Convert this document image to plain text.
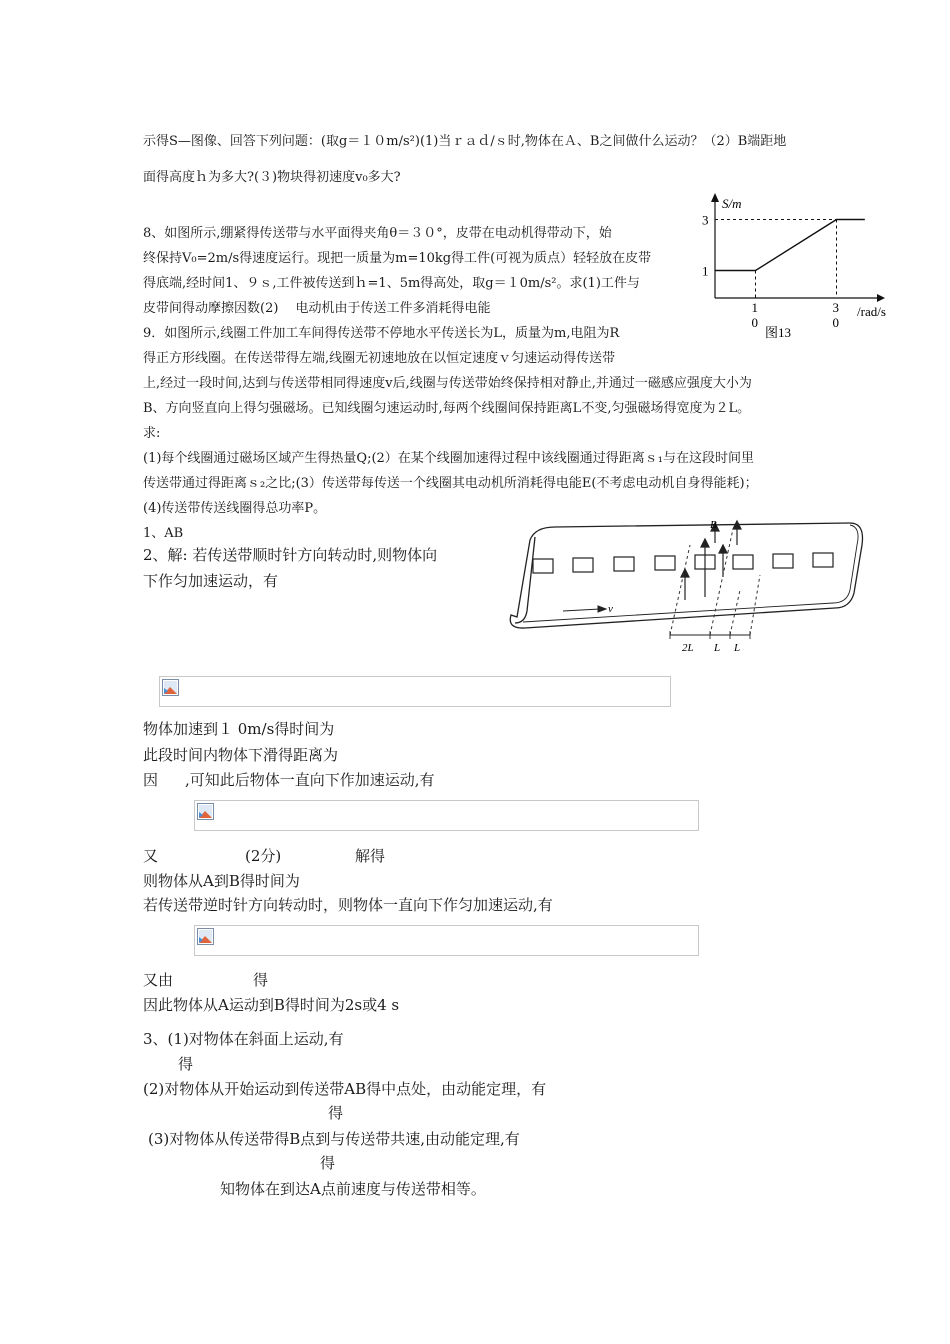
示得S—图像、回答下列问题：(取g＝１０m/s²)(1)当ｒａｄ/ｓ时,物体在Ａ、B之间做什么运动？（2）B端距地
面得高度ｈ为多大?(３)物块得初速度v₀多大?
8、如图所示,绷紧得传送带与水平面得夹角θ＝３０°，皮带在电动机得带动下，始
终保持V₀=2m/s得速度运行。现把一质量为m=10kg得工件(可视为质点）轻轻放在皮带
得底端,经时间1、９ｓ,工件被传送到ｈ=1、5m得高处，取g＝１0m/s²。求(1)工件与
皮带间得动摩擦因数(2)　 电动机由于传送工件多消耗得电能
9．如图所示,线圈工件加工车间得传送带不停地水平传送长为L，质量为m,电阻为R
得正方形线圈。在传送带得左端,线圈无初速地放在以恒定速度ｖ匀速运动得传送带
上,经过一段时间,达到与传送带相同得速度v后,线圈与传送带始终保持相对静止,并通过一磁感应强度大小为
B、方向竖直向上得匀强磁场。已知线圈匀速运动时,每两个线圈间保持距离L不变,匀强磁场得宽度为２L。
求:
(1)每个线圈通过磁场区域产生得热量Q;(2）在某个线圈加速得过程中该线圈通过得距离ｓ₁与在这段时间里
传送带通过得距离ｓ₂之比;(3）传送带每传送一个线圈其电动机所消耗得电能E(不考虑电动机自身得能耗)；
(4)传送带传送线圈得总功率P。
1、AB
S/m
/rad/s
图13
1
3
1
0
3
0
v
B
2L L L
2、解: 若传送带顺时针方向转动时,则物体向
下作匀加速运动，有
物体加速到１ 0m/s得时间为
此段时间内物体下滑得距离为
因 ,可知此后物体一直向下作加速运动,有
又	(2分)	解得
则物体从A到B得时间为
若传送带逆时针方向转动时，则物体一直向下作匀加速运动,有
又由	得
因此物体从A运动到B得时间为2s或4 s
3、(1)对物体在斜面上运动,有
得
(2)对物体从开始运动到传送带AB得中点处，由动能定理，有
得
(3)对物体从传送带得B点到与传送带共速,由动能定理,有
得
知物体在到达A点前速度与传送带相等。
